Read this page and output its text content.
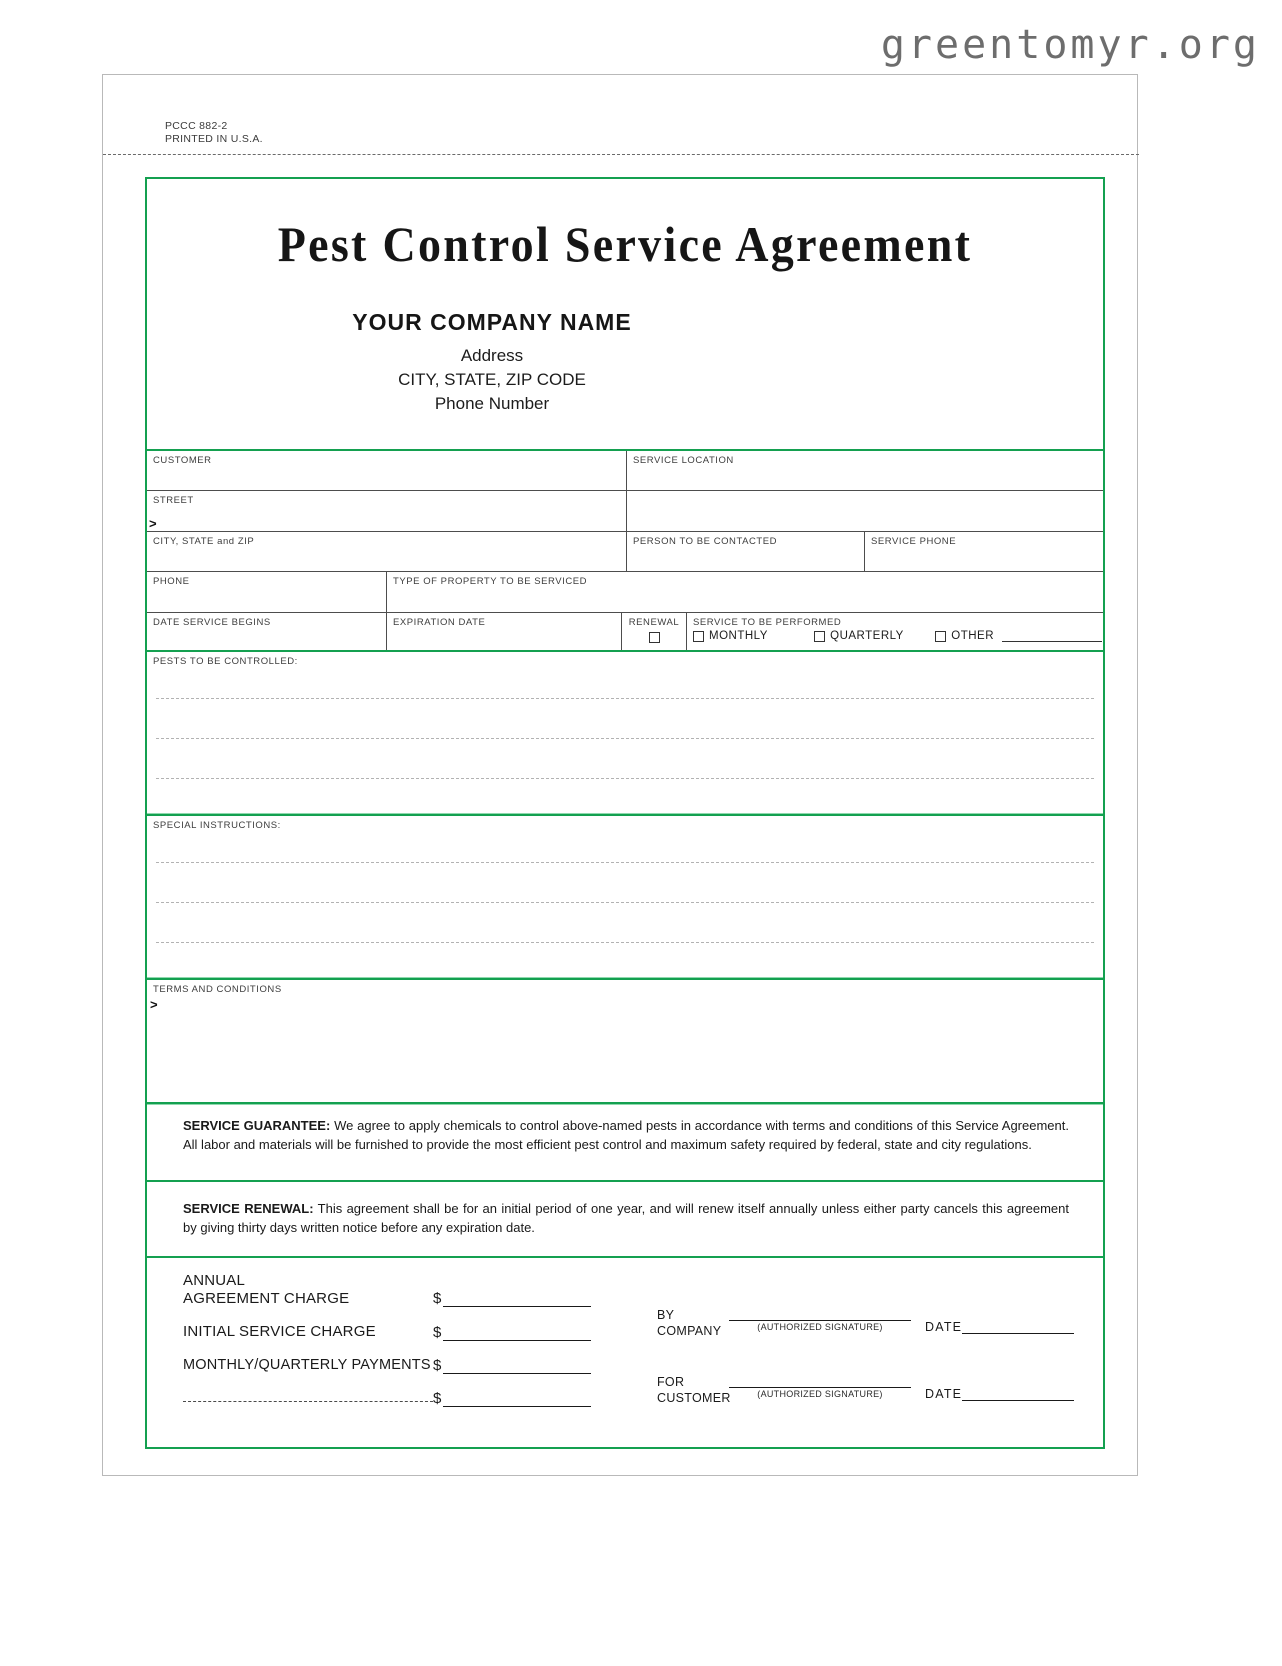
greentomyr.org
PCCC 882-2
PRINTED IN U.S.A.
Pest Control Service Agreement
YOUR COMPANY NAME
Address
CITY, STATE, ZIP CODE
Phone Number
CUSTOMER	SERVICE LOCATION
STREET
>
CITY, STATE and ZIP	PERSON TO BE CONTACTED	SERVICE PHONE
PHONE	TYPE OF PROPERTY TO BE SERVICED
DATE SERVICE BEGINS	EXPIRATION DATE	RENEWAL	SERVICE TO BE PERFORMED
MONTHLY	QUARTERLY	OTHER
PESTS TO BE CONTROLLED:
SPECIAL INSTRUCTIONS:
TERMS AND CONDITIONS
>
SERVICE GUARANTEE: We agree to apply chemicals to control above-named pests in accordance with terms and conditions of this Service Agreement. All labor and materials will be furnished to provide the most efficient pest control and maximum safety required by federal, state and city regulations.
SERVICE RENEWAL: This agreement shall be for an initial period of one year, and will renew itself annually unless either party cancels this agreement by giving thirty days written notice before any expiration date.
ANNUAL
AGREEMENT CHARGE	$
INITIAL SERVICE CHARGE	$
MONTHLY/QUARTERLY PAYMENTS $
$
BY
COMPANY	(AUTHORIZED SIGNATURE)	DATE
FOR
CUSTOMER	(AUTHORIZED SIGNATURE)	DATE
